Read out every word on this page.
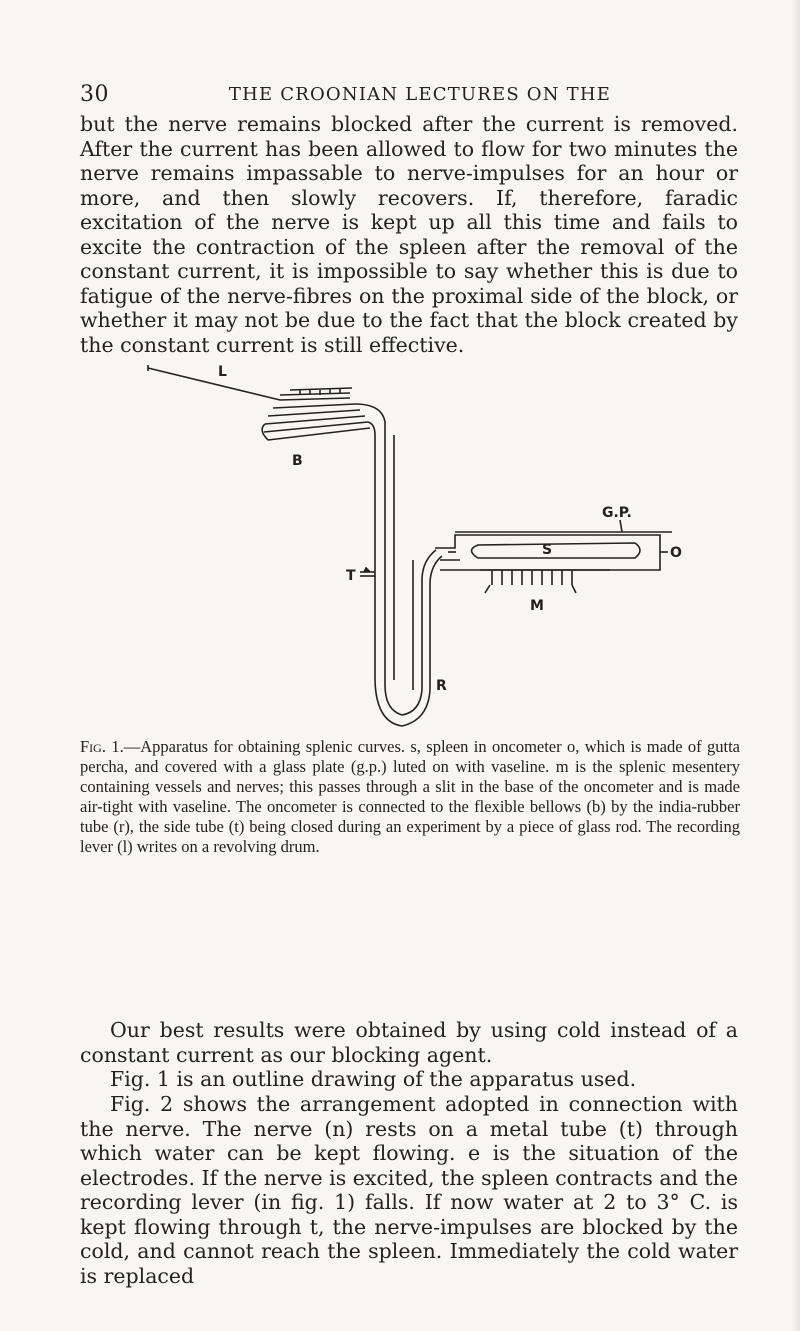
30	THE CROONIAN LECTURES ON THE

but the nerve remains blocked after the current is removed. After the current has been allowed to flow for two minutes the nerve remains impassable to nerve-impulses for an hour or more, and then slowly recovers. If, therefore, faradic excitation of the nerve is kept up all this time and fails to excite the contraction of the spleen after the removal of the constant current, it is impossible to say whether this is due to fatigue of the nerve-fibres on the proximal side of the block, or whether it may not be due to the fact that the block created by the constant current is still effective.

L
B
T
G.P.
S	O
M
R

Fig. 1.—Apparatus for obtaining splenic curves. s, spleen in oncometer o, which is made of gutta percha, and covered with a glass plate (g.p.) luted on with vaseline. m is the splenic mesentery containing vessels and nerves; this passes through a slit in the base of the oncometer and is made air-tight with vaseline. The oncometer is connected to the flexible bellows (b) by the india-rubber tube (r), the side tube (t) being closed during an experiment by a piece of glass rod. The recording lever (l) writes on a revolving drum.

Our best results were obtained by using cold instead of a constant current as our blocking agent.

Fig. 1 is an outline drawing of the apparatus used.

Fig. 2 shows the arrangement adopted in connection with the nerve. The nerve (n) rests on a metal tube (t) through which water can be kept flowing. e is the situation of the electrodes. If the nerve is excited, the spleen contracts and the recording lever (in fig. 1) falls. If now water at 2 to 3° C. is kept flowing through t, the nerve-impulses are blocked by the cold, and cannot reach the spleen. Immediately the cold water is replaced
